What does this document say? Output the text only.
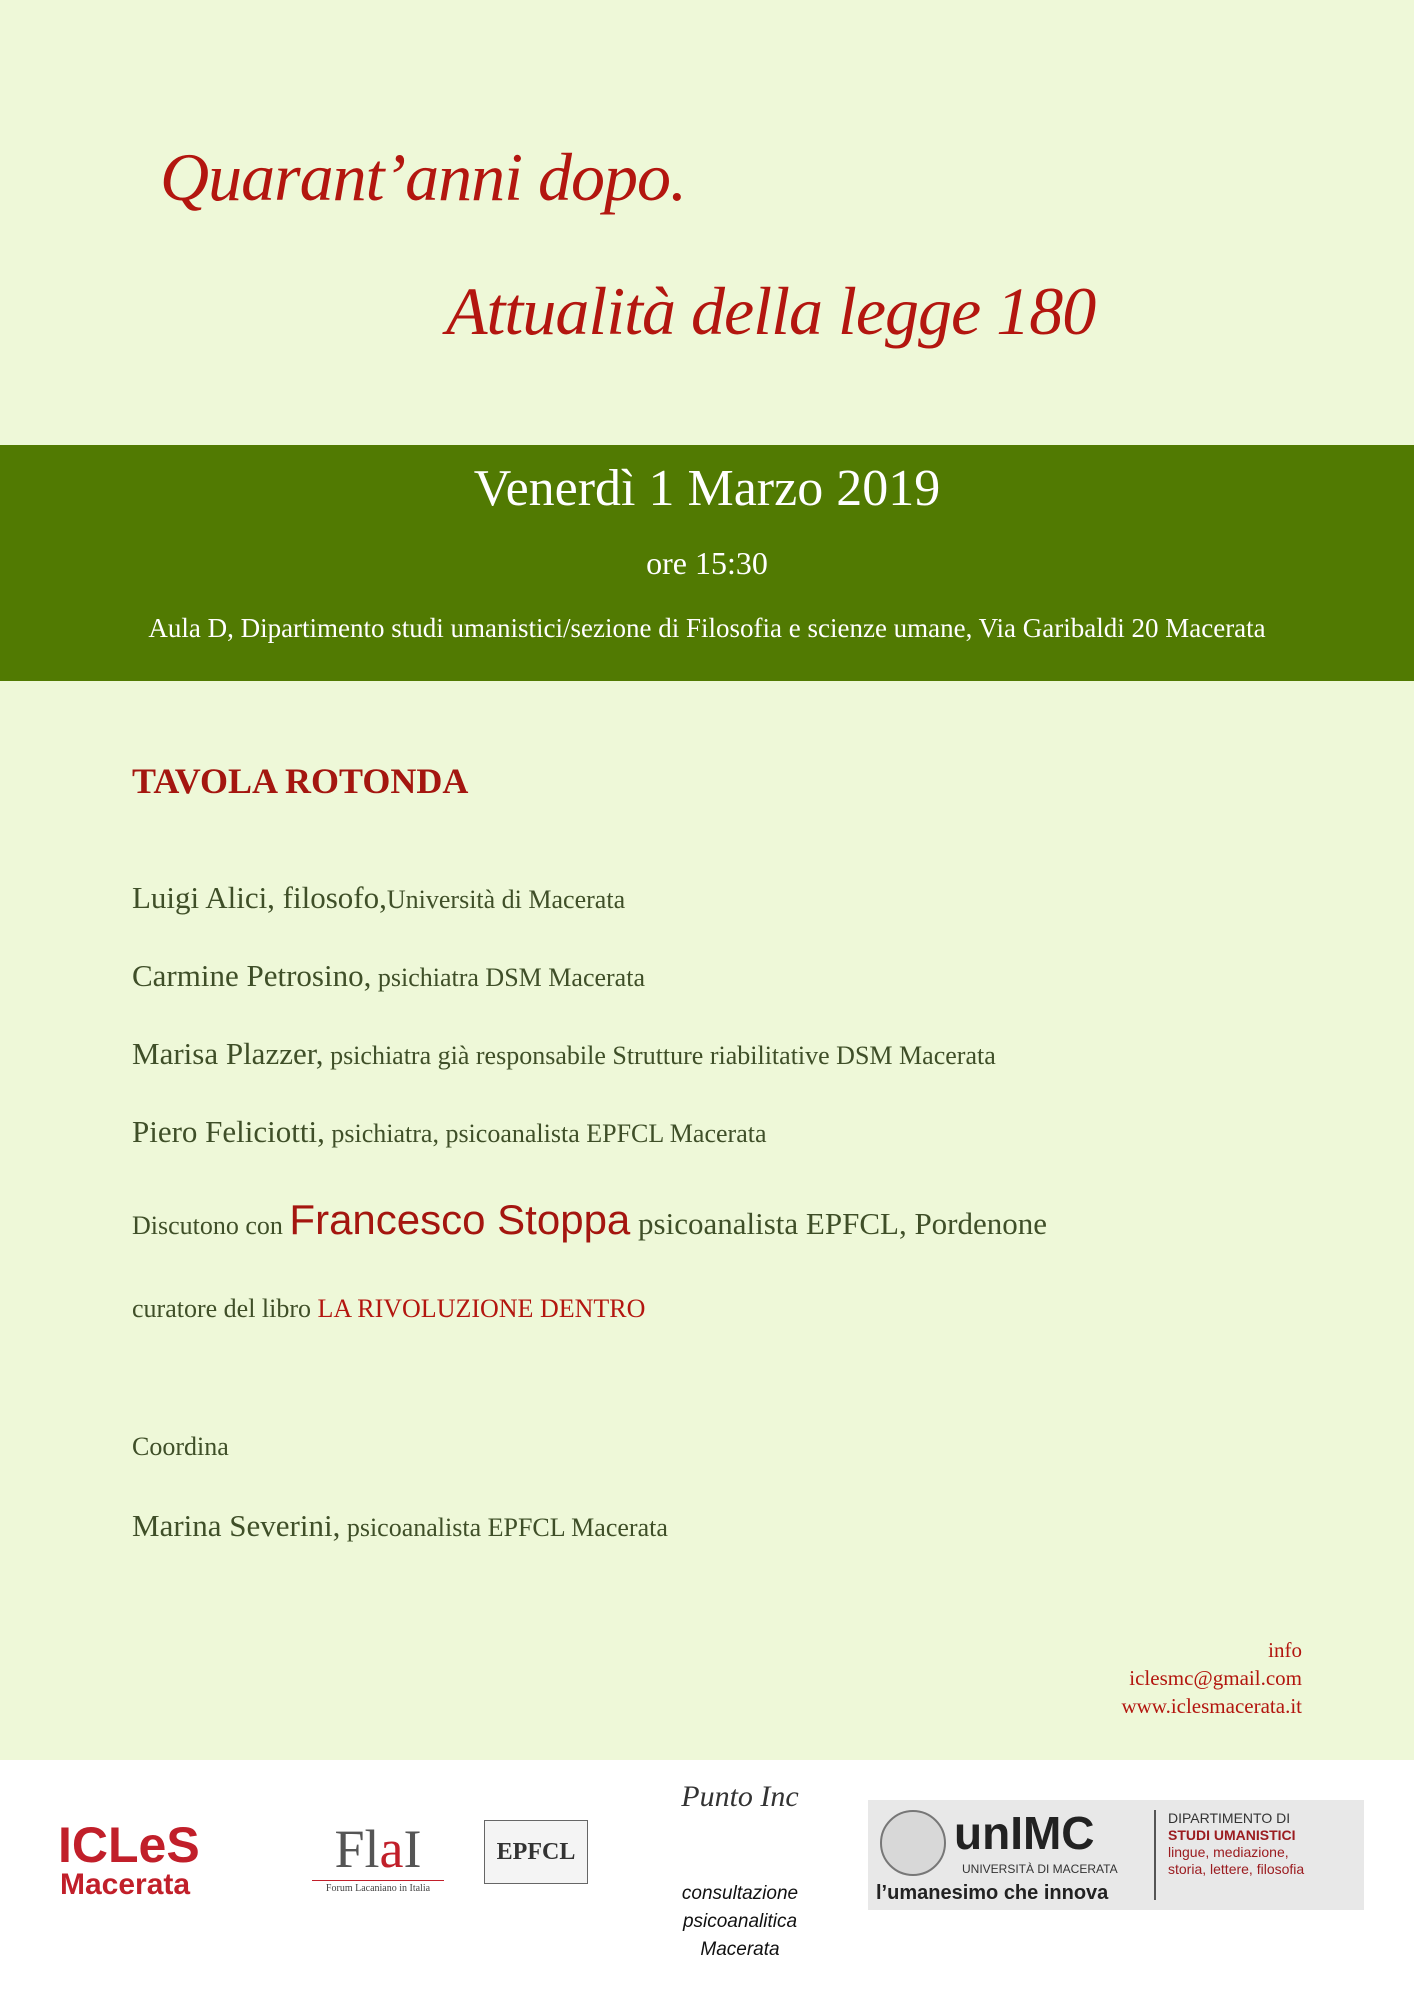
Quarant’anni dopo.
Attualità della legge 180
Venerdì 1 Marzo 2019
ore 15:30
Aula D, Dipartimento studi umanistici/sezione di Filosofia e scienze umane, Via Garibaldi 20 Macerata
TAVOLA ROTONDA
Luigi Alici, filosofo,Università di Macerata
Carmine Petrosino, psichiatra DSM Macerata
Marisa Plazzer, psichiatra già responsabile Strutture riabilitative DSM Macerata
Piero Feliciotti, psichiatra, psicoanalista EPFCL Macerata
Discutono con Francesco Stoppa psicoanalista EPFCL, Pordenone
curatore del libro LA RIVOLUZIONE DENTRO
Coordina
Marina Severini, psicoanalista EPFCL Macerata
info
iclesmc@gmail.com
www.iclesmacerata.it
ICLeS
Macerata
FlaI
Forum Lacaniano in Italia
EPFCL
Punto Inc
consultazione
psicoanalitica
Macerata
unIMC
UNIVERSITÀ DI MACERATA
l’umanesimo che innova
DIPARTIMENTO DI
STUDI UMANISTICI
lingue, mediazione,
storia, lettere, filosofia
